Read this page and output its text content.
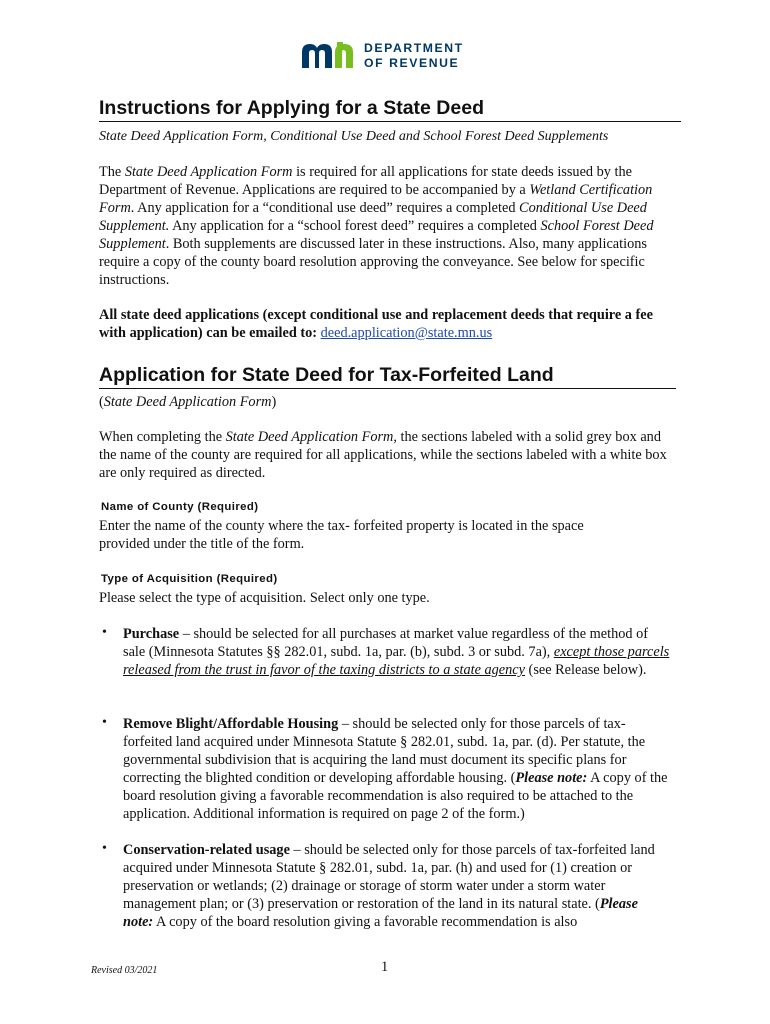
DEPARTMENT
OF REVENUE
Instructions for Applying for a State Deed

State Deed Application Form, Conditional Use Deed and School Forest Deed Supplements

The State Deed Application Form is required for all applications for state deeds issued by the Department of Revenue. Applications are required to be accompanied by a Wetland Certification Form. Any application for a “conditional use deed” requires a completed Conditional Use Deed Supplement. Any application for a “school forest deed” requires a completed School Forest Deed Supplement. Both supplements are discussed later in these instructions. Also, many applications require a copy of the county board resolution approving the conveyance. See below for specific instructions.

All state deed applications (except conditional use and replacement deeds that require a fee with application) can be emailed to: deed.application@state.mn.us

Application for State Deed for Tax-Forfeited Land

(State Deed Application Form)

When completing the State Deed Application Form, the sections labeled with a solid grey box and the name of the county are required for all applications, while the sections labeled with a white box are only required as directed.

Name of County (Required)

Enter the name of the county where the tax- forfeited property is located in the space provided under the title of the form.

Type of Acquisition (Required)

Please select the type of acquisition. Select only one type.

• Purchase – should be selected for all purchases at market value regardless of the method of sale (Minnesota Statutes §§ 282.01, subd. 1a, par. (b), subd. 3 or subd. 7a), except those parcels released from the trust in favor of the taxing districts to a state agency (see Release below).

• Remove Blight/Affordable Housing – should be selected only for those parcels of tax-forfeited land acquired under Minnesota Statute § 282.01, subd. 1a, par. (d). Per statute, the governmental subdivision that is acquiring the land must document its specific plans for correcting the blighted condition or developing affordable housing. (Please note: A copy of the board resolution giving a favorable recommendation is also required to be attached to the application. Additional information is required on page 2 of the form.)

• Conservation-related usage – should be selected only for those parcels of tax-forfeited land acquired under Minnesota Statute § 282.01, subd. 1a, par. (h) and used for (1) creation or preservation or wetlands; (2) drainage or storage of storm water under a storm water management plan; or (3) preservation or restoration of the land in its natural state. (Please note: A copy of the board resolution giving a favorable recommendation is also

Revised 03/2021	1
